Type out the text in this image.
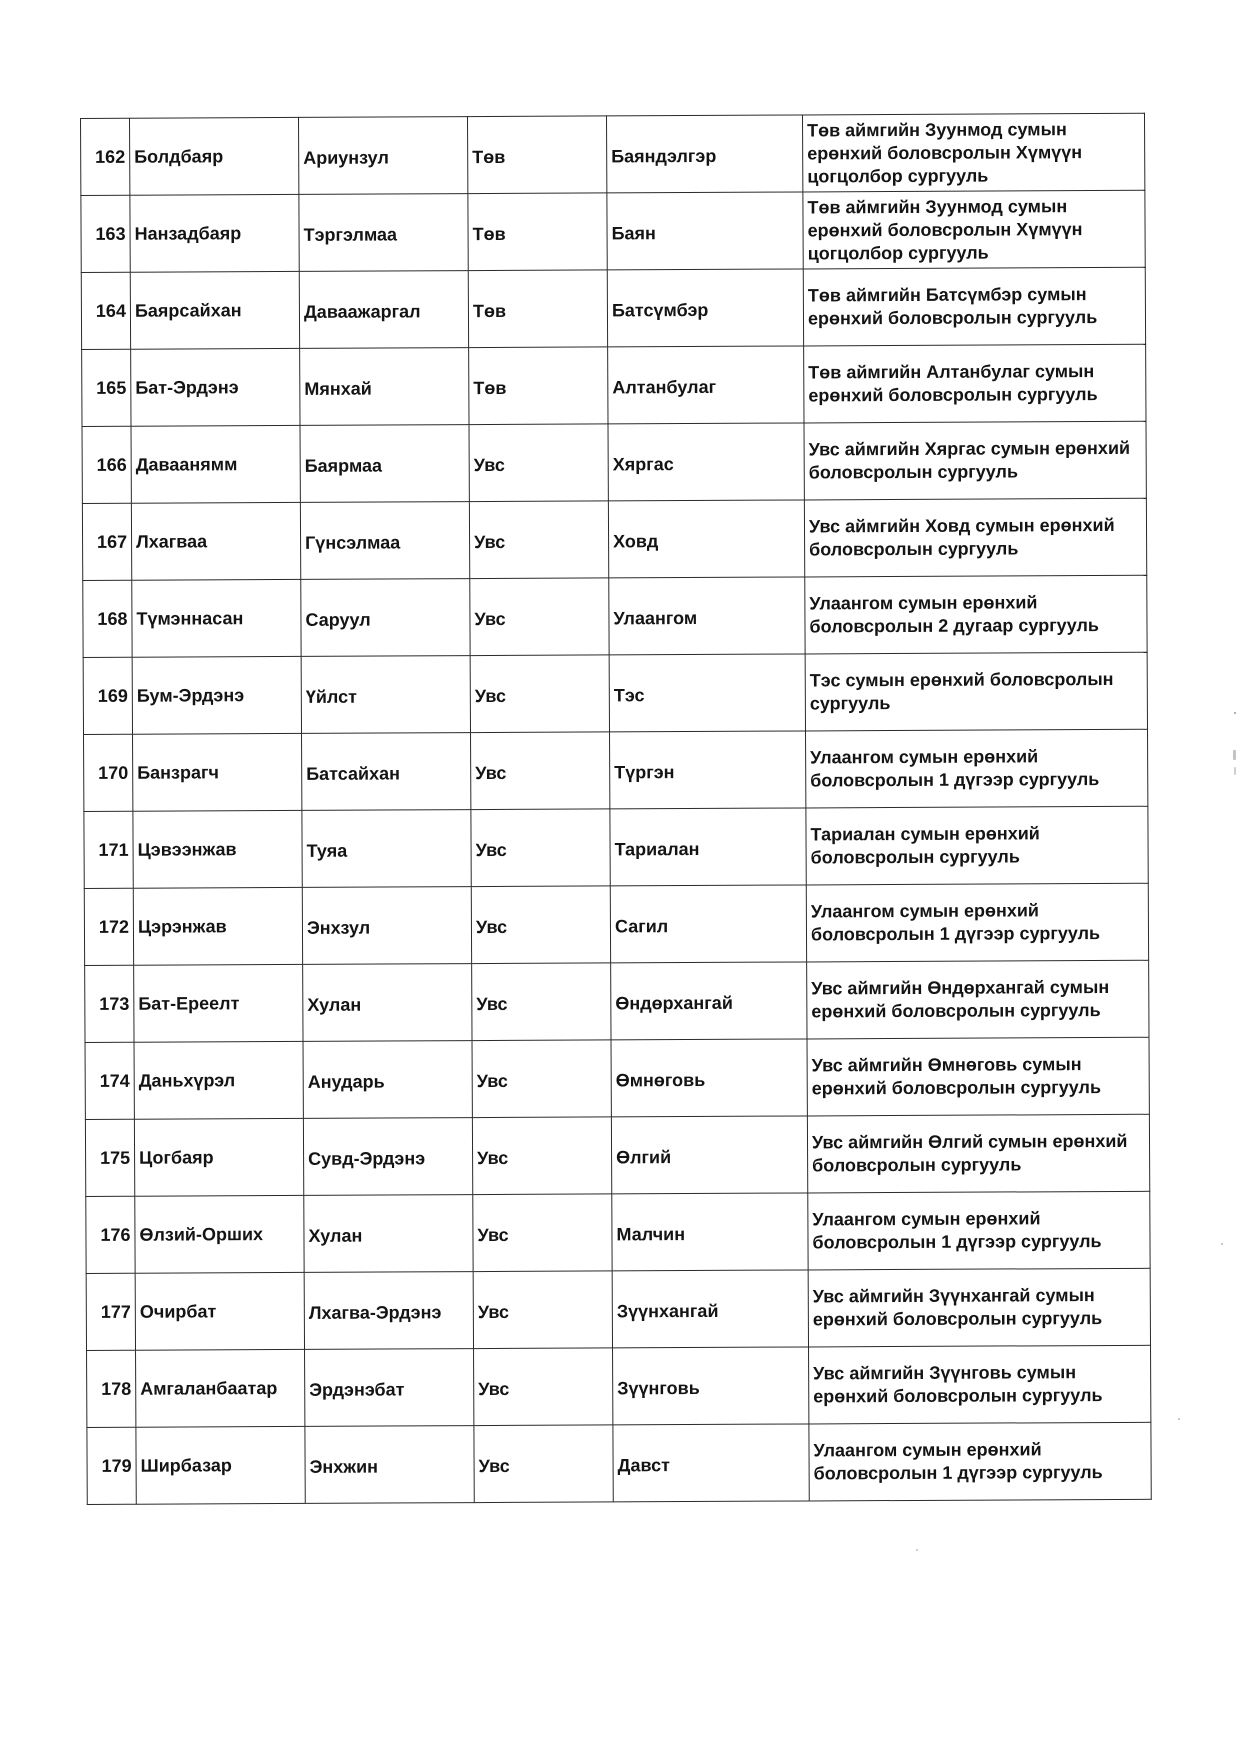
162	Болдбаяр	Ариунзул	Төв	Баяндэлгэр	Төв аймгийн Зуунмод сумын ерөнхий боловсролын Хүмүүн цогцолбор сургууль
163	Нанзадбаяр	Тэргэлмаа	Төв	Баян	Төв аймгийн Зуунмод сумын ерөнхий боловсролын Хүмүүн цогцолбор сургууль
164	Баярсайхан	Даваажаргал	Төв	Батсүмбэр	Төв аймгийн Батсүмбэр сумын ерөнхий боловсролын сургууль
165	Бат-Эрдэнэ	Мянхай	Төв	Алтанбулаг	Төв аймгийн Алтанбулаг сумын ерөнхий боловсролын сургууль
166	Даваанямм	Баярмаа	Увс	Хяргас	Увс аймгийн Хяргас сумын ерөнхий боловсролын сургууль
167	Лхагваа	Гүнсэлмаа	Увс	Ховд	Увс аймгийн Ховд сумын ерөнхий боловсролын сургууль
168	Түмэннасан	Саруул	Увс	Улаангом	Улаангом сумын ерөнхий боловсролын 2 дугаар сургууль
169	Бум-Эрдэнэ	Үйлст	Увс	Тэс	Тэс сумын ерөнхий боловсролын сургууль
170	Банзрагч	Батсайхан	Увс	Түргэн	Улаангом сумын ерөнхий боловсролын 1 дүгээр сургууль
171	Цэвээнжав	Туяа	Увс	Тариалан	Тариалан сумын ерөнхий боловсролын сургууль
172	Цэрэнжав	Энхзул	Увс	Сагил	Улаангом сумын ерөнхий боловсролын 1 дүгээр сургууль
173	Бат-Ереелт	Хулан	Увс	Өндөрхангай	Увс аймгийн Өндөрхангай сумын ерөнхий боловсролын сургууль
174	Даньхүрэл	Анударь	Увс	Өмнөговь	Увс аймгийн Өмнөговь сумын ерөнхий боловсролын сургууль
175	Цогбаяр	Сувд-Эрдэнэ	Увс	Өлгий	Увс аймгийн Өлгий сумын ерөнхий боловсролын сургууль
176	Өлзий-Орших	Хулан	Увс	Малчин	Улаангом сумын ерөнхий боловсролын 1 дүгээр сургууль
177	Очирбат	Лхагва-Эрдэнэ	Увс	Зүүнхангай	Увс аймгийн Зүүнхангай сумын ерөнхий боловсролын сургууль
178	Амгаланбаатар	Эрдэнэбат	Увс	Зүүнговь	Увс аймгийн Зүүнговь сумын ерөнхий боловсролын сургууль
179	Ширбазар	Энхжин	Увс	Давст	Улаангом сумын ерөнхий боловсролын 1 дүгээр сургууль
